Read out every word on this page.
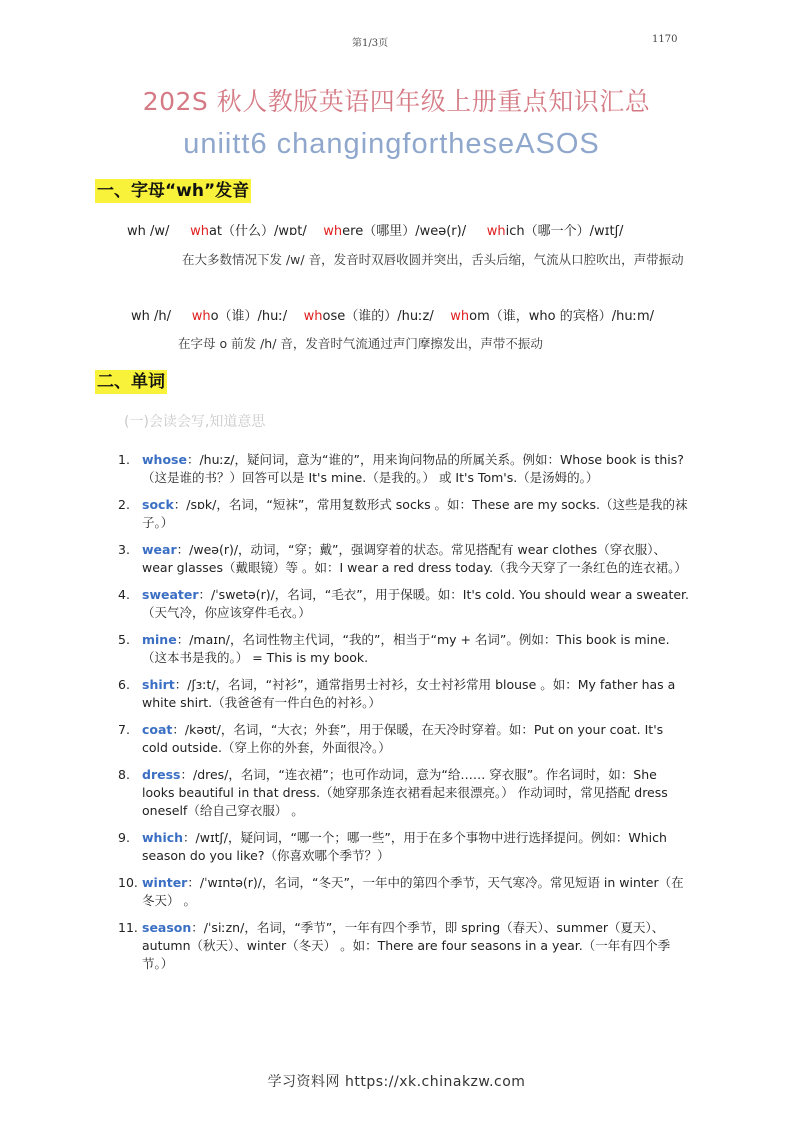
第1/3页	1170
202S 秋人教版英语四年级上册重点知识汇总
uniitt6 changingfortheseASOS
一、字母“wh”发音
wh /w/ what（什么）/wɒt/ where（哪里）/weə(r)/ which（哪一个）/wɪtʃ/
在大多数情况下发 /w/ 音，发音时双唇收圆并突出，舌头后缩，气流从口腔吹出，声带振动
wh /h/ who（谁）/huː/ whose（谁的）/huːz/ whom（谁，who 的宾格）/huːm/
在字母 o 前发 /h/ 音，发音时气流通过声门摩擦发出，声带不振动
二、单词
(一)会读会写,知道意思
1. whose：/huːz/，疑问词，意为“谁的”，用来询问物品的所属关系。例如：Whose book is this?（这是谁的书？）回答可以是 It's mine.（是我的。） 或 It's Tom's.（是汤姆的。）
2. sock：/sɒk/，名词，“短袜”，常用复数形式 socks 。如：These are my socks.（这些是我的袜子。）
3. wear：/weə(r)/，动词，“穿；戴”，强调穿着的状态。常见搭配有 wear clothes（穿衣服）、wear glasses（戴眼镜）等 。如：I wear a red dress today.（我今天穿了一条红色的连衣裙。）
4. sweater：/ˈswetə(r)/，名词，“毛衣”，用于保暖。如：It's cold. You should wear a sweater.（天气冷，你应该穿件毛衣。）
5. mine：/maɪn/，名词性物主代词，“我的”，相当于“my + 名词”。例如：This book is mine.（这本书是我的。） = This is my book.
6. shirt：/ʃɜːt/，名词，“衬衫”，通常指男士衬衫，女士衬衫常用 blouse 。如：My father has a white shirt.（我爸爸有一件白色的衬衫。）
7. coat：/kəʊt/，名词，“大衣；外套”，用于保暖，在天冷时穿着。如：Put on your coat. It's cold outside.（穿上你的外套，外面很冷。）
8. dress：/dres/，名词，“连衣裙”；也可作动词，意为“给…… 穿衣服”。作名词时，如：She looks beautiful in that dress.（她穿那条连衣裙看起来很漂亮。） 作动词时，常见搭配 dress oneself（给自己穿衣服） 。
9. which：/wɪtʃ/，疑问词，“哪一个；哪一些”，用于在多个事物中进行选择提问。例如：Which season do you like?（你喜欢哪个季节？）
10. winter：/ˈwɪntə(r)/，名词，“冬天”，一年中的第四个季节，天气寒冷。常见短语 in winter（在冬天） 。
11. season：/ˈsiːzn/，名词，“季节”，一年有四个季节，即 spring（春天）、summer（夏天）、autumn（秋天）、winter（冬天） 。如：There are four seasons in a year.（一年有四个季节。）
学习资料网 https://xk.chinakzw.com
